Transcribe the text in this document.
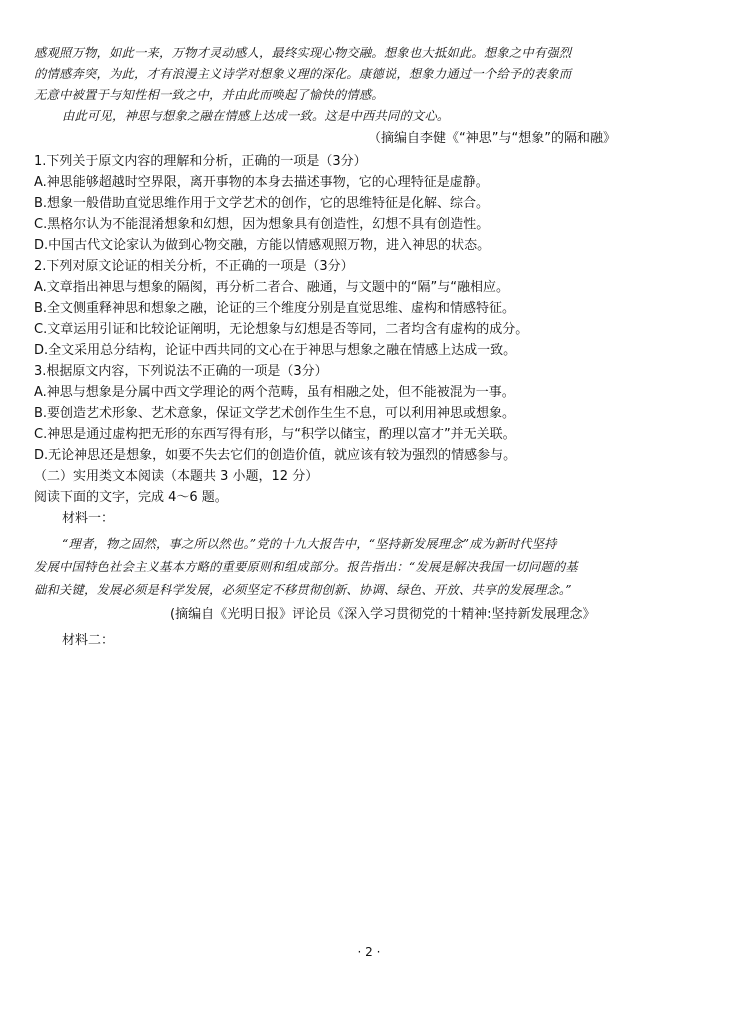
感观照万物，如此一来，万物才灵动感人，最终实现心物交融。想象也大抵如此。想象之中有强烈
的情感奔突，为此，才有浪漫主义诗学对想象义理的深化。康德说，想象力通过一个给予的表象而
无意中被置于与知性相一致之中，并由此而唤起了愉快的情感。
由此可见，神思与想象之融在情感上达成一致。这是中西共同的文心。
（摘编自李健《“神思”与“想象”的隔和融》
1.下列关于原文内容的理解和分析，正确的一项是（3分）
A.神思能够超越时空界限，离开事物的本身去描述事物，它的心理特征是虚静。
B.想象一般借助直觉思维作用于文学艺术的创作，它的思维特征是化解、综合。
C.黑格尔认为不能混淆想象和幻想，因为想象具有创造性，幻想不具有创造性。
D.中国古代文论家认为做到心物交融，方能以情感观照万物，进入神思的状态。
2.下列对原文论证的相关分析，不正确的一项是（3分）
A.文章指出神思与想象的隔阂，再分析二者合、融通，与文题中的“隔”与“融相应。
B.全文侧重释神思和想象之融，论证的三个维度分别是直觉思维、虚构和情感特征。
C.文章运用引证和比较论证阐明，无论想象与幻想是否等同，二者均含有虚构的成分。
D.全文采用总分结构，论证中西共同的文心在于神思与想象之融在情感上达成一致。
3.根据原文内容，下列说法不正确的一项是（3分）
A.神思与想象是分属中西文学理论的两个范畴，虽有相融之处，但不能被混为一事。
B.要创造艺术形象、艺术意象，保证文学艺术创作生生不息，可以利用神思或想象。
C.神思是通过虚构把无形的东西写得有形，与“积学以储宝，酌理以富才”并无关联。
D.无论神思还是想象，如要不失去它们的创造价值，就应该有较为强烈的情感参与。
（二）实用类文本阅读（本题共 3 小题，12 分）
阅读下面的文字，完成 4～6 题。
材料一：
“理者，物之固然，事之所以然也。”党的十九大报告中，“坚持新发展理念”成为新时代坚持
发展中国特色社会主义基本方略的重要原则和组成部分。报告指出：“发展是解决我国一切问题的基
础和关键，发展必须是科学发展，必须坚定不移贯彻创新、协调、绿色、开放、共享的发展理念。”
(摘编自《光明日报》评论员《深入学习贯彻党的十精神:坚持新发展理念》
材料二：
· 2 ·
